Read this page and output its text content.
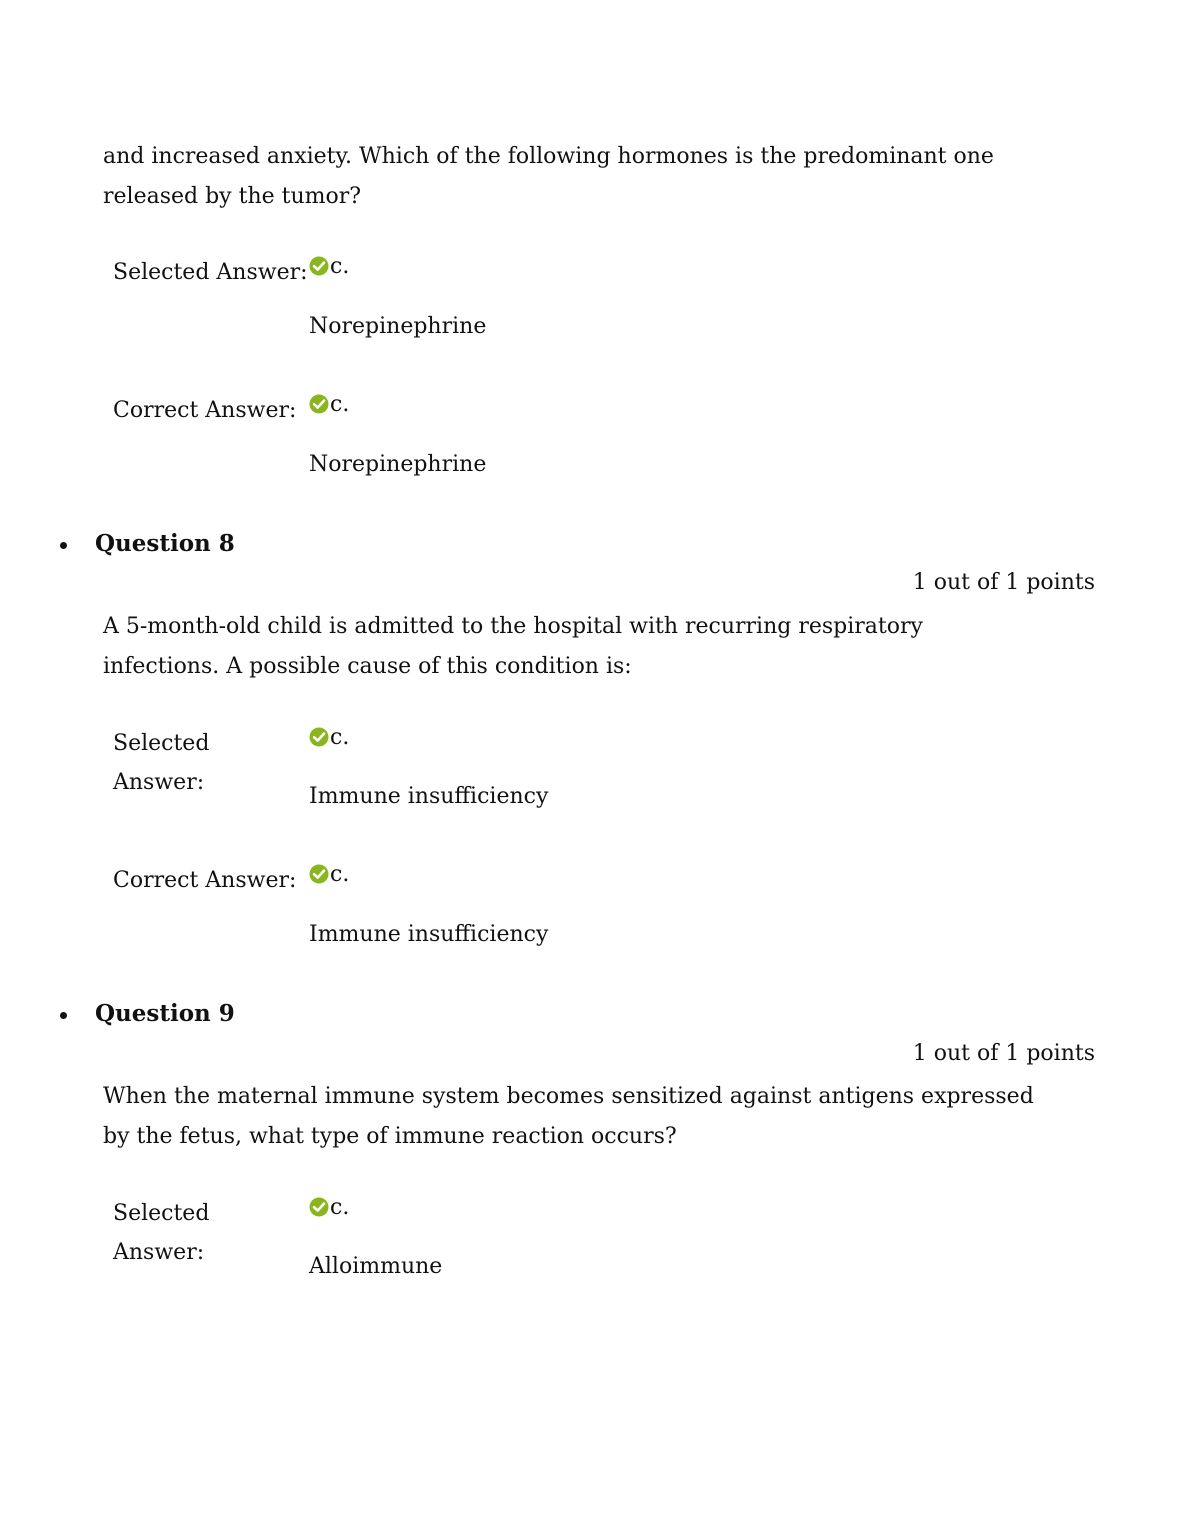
and increased anxiety. Which of the following hormones is the predominant one
released by the tumor?
Selected Answer: c.
Norepinephrine
Correct Answer: c.
Norepinephrine
Question 8
1 out of 1 points
A 5-month-old child is admitted to the hospital with recurring respiratory
infections. A possible cause of this condition is:
Selected
Answer:
c.
Immune insufficiency
Correct Answer: c.
Immune insufficiency
Question 9
1 out of 1 points
When the maternal immune system becomes sensitized against antigens expressed
by the fetus, what type of immune reaction occurs?
Selected
Answer:
c.
Alloimmune
